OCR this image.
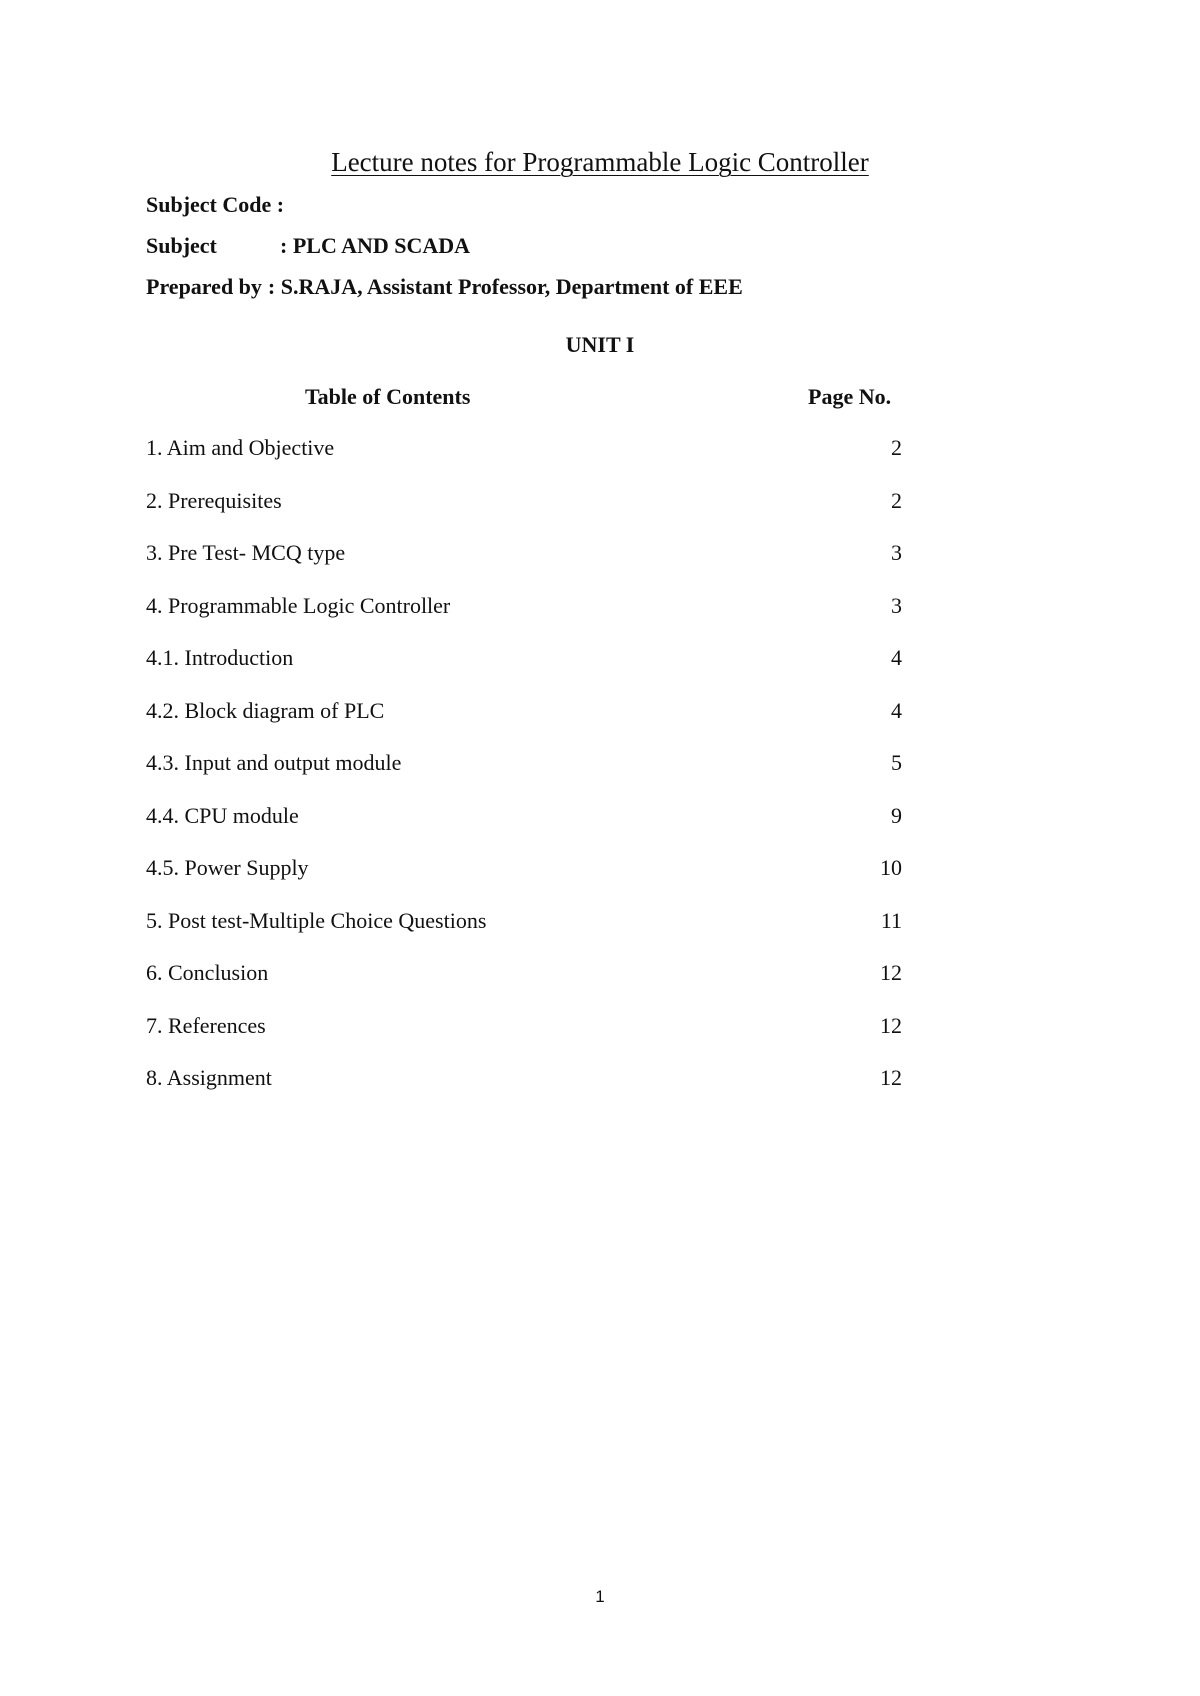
Lecture notes for Programmable Logic Controller
Subject Code :
Subject	: PLC AND SCADA
Prepared by : S.RAJA, Assistant Professor, Department of EEE
UNIT I
Table of Contents	Page No.
1. Aim and Objective	2
2. Prerequisites	2
3. Pre Test- MCQ type	3
4. Programmable Logic Controller	3
4.1. Introduction	4
4.2. Block diagram of PLC	4
4.3. Input and output module	5
4.4. CPU module	9
4.5. Power Supply	10
5. Post test-Multiple Choice Questions	11
6. Conclusion	12
7. References	12
8. Assignment	12
1
